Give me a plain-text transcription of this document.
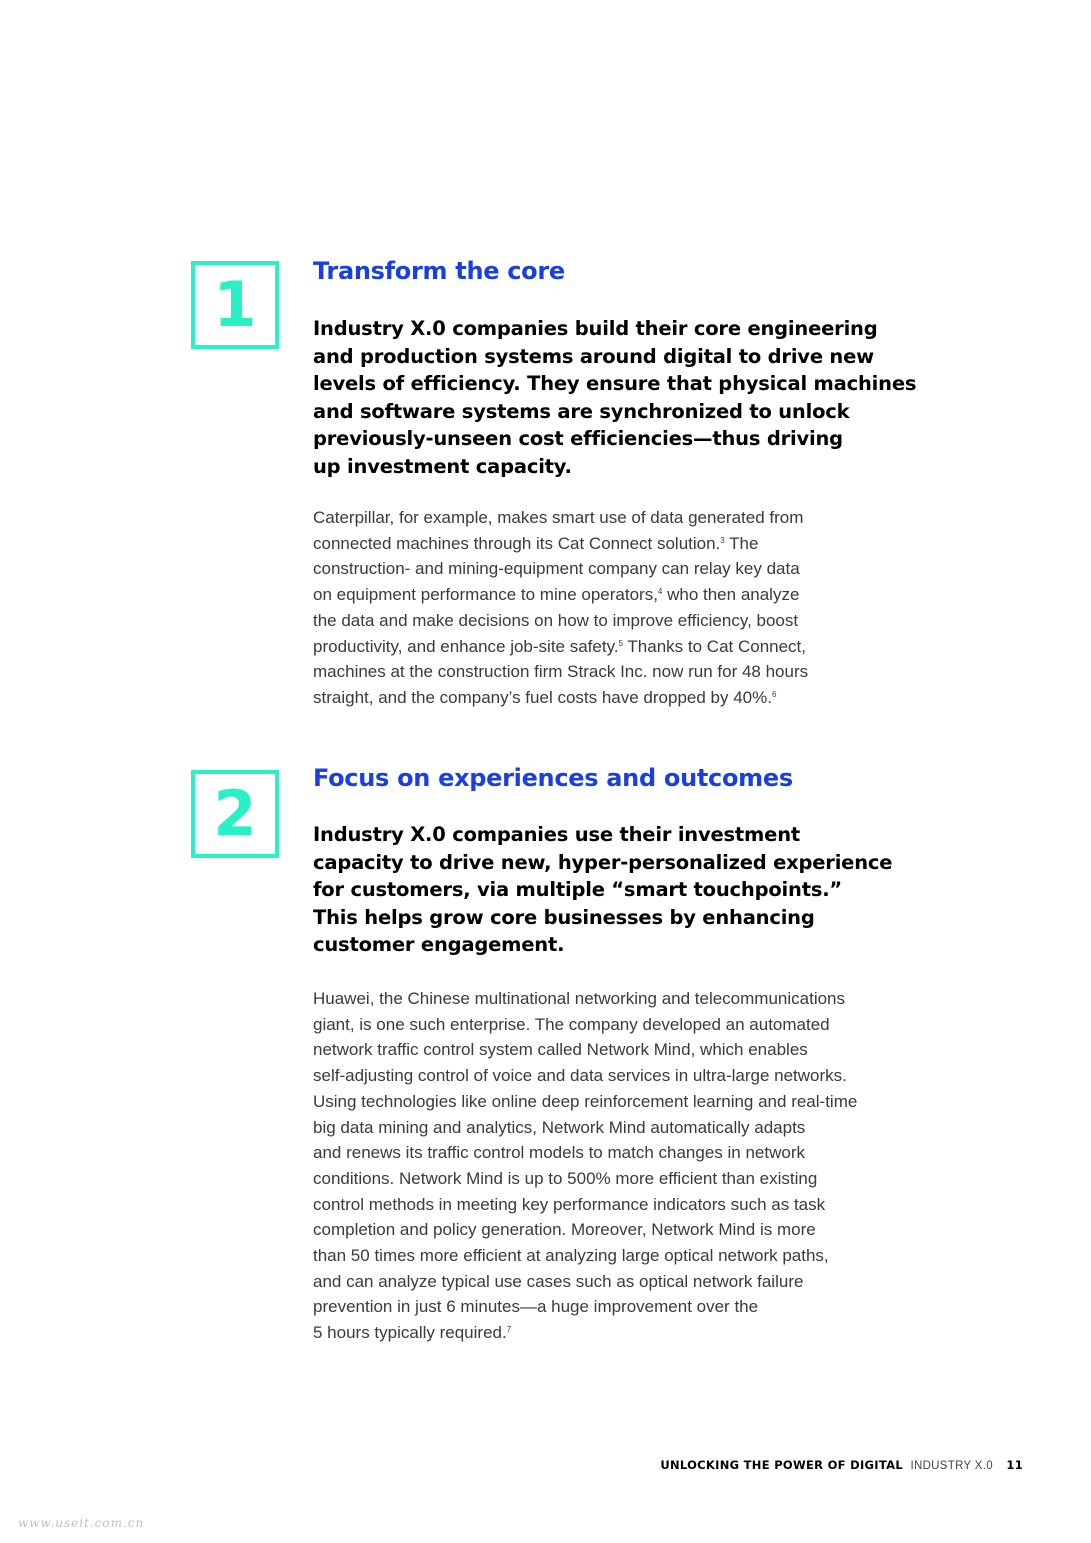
1	Transform the core

Industry X.0 companies build their core engineering
and production systems around digital to drive new
levels of efficiency. They ensure that physical machines
and software systems are synchronized to unlock
previously-unseen cost efficiencies—thus driving
up investment capacity.

Caterpillar, for example, makes smart use of data generated from
connected machines through its Cat Connect solution.$^3$ The
construction- and mining-equipment company can relay key data
on equipment performance to mine operators,$^4$ who then analyze
the data and make decisions on how to improve efficiency, boost
productivity, and enhance job-site safety.$^5$ Thanks to Cat Connect,
machines at the construction firm Strack Inc. now run for 48 hours
straight, and the company’s fuel costs have dropped by 40%.$^6$

2	Focus on experiences and outcomes

Industry X.0 companies use their investment
capacity to drive new, hyper-personalized experience
for customers, via multiple “smart touchpoints.”
This helps grow core businesses by enhancing
customer engagement.

Huawei, the Chinese multinational networking and telecommunications
giant, is one such enterprise. The company developed an automated
network traffic control system called Network Mind, which enables
self-adjusting control of voice and data services in ultra-large networks.
Using technologies like online deep reinforcement learning and real-time
big data mining and analytics, Network Mind automatically adapts
and renews its traffic control models to match changes in network
conditions. Network Mind is up to 500% more efficient than existing
control methods in meeting key performance indicators such as task
completion and policy generation. Moreover, Network Mind is more
than 50 times more efficient at analyzing large optical network paths,
and can analyze typical use cases such as optical network failure
prevention in just 6 minutes—a huge improvement over the
5 hours typically required.$^7$

UNLOCKING THE POWER OF DIGITAL INDUSTRY X.0 11
www.useit.com.cn
